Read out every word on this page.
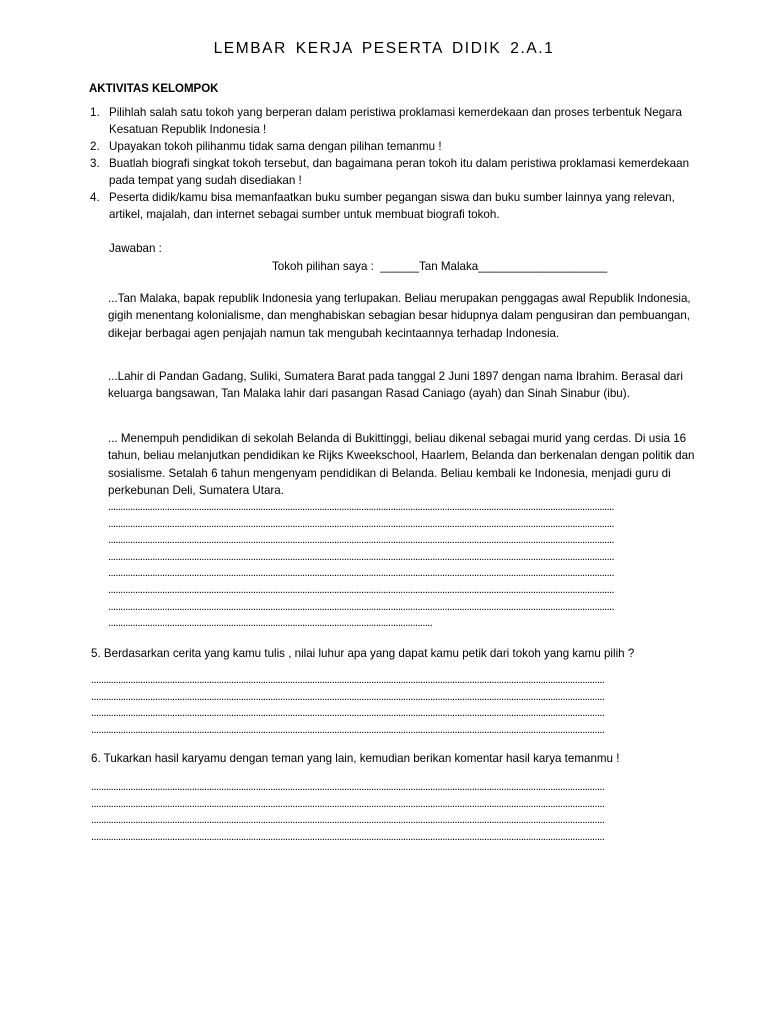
LEMBAR KERJA PESERTA DIDIK 2.A.1
AKTIVITAS KELOMPOK
1. Pilihlah salah satu tokoh yang berperan dalam peristiwa proklamasi kemerdekaan dan proses terbentuk Negara Kesatuan Republik Indonesia !
2. Upayakan tokoh pilihanmu tidak sama dengan pilihan temanmu !
3. Buatlah biografi singkat tokoh tersebut, dan bagaimana peran tokoh itu dalam peristiwa proklamasi kemerdekaan pada tempat yang sudah disediakan !
4. Peserta didik/kamu bisa memanfaatkan buku sumber pegangan siswa dan buku sumber lainnya yang relevan, artikel, majalah, dan internet sebagai sumber untuk membuat biografi tokoh.
Jawaban :
Tokoh pilihan saya :  ______Tan Malaka____________________
...Tan Malaka, bapak republik Indonesia yang terlupakan. Beliau merupakan penggagas awal Republik Indonesia, gigih menentang kolonialisme, dan menghabiskan sebagian besar hidupnya dalam pengusiran dan pembuangan, dikejar berbagai agen penjajah namun tak mengubah kecintaannya terhadap Indonesia.
...Lahir di Pandan Gadang, Suliki, Sumatera Barat pada tanggal 2 Juni 1897 dengan nama Ibrahim. Berasal dari keluarga bangsawan, Tan Malaka lahir dari pasangan Rasad Caniago (ayah) dan Sinah Sinabur (ibu).
... Menempuh pendidikan di sekolah Belanda di Bukittinggi, beliau dikenal sebagai murid yang cerdas. Di usia 16 tahun, beliau melanjutkan pendidikan ke Rijks Kweekschool, Haarlem, Belanda dan berkenalan dengan politik dan sosialisme. Setalah 6 tahun mengenyam pendidikan di Belanda. Beliau kembali ke Indonesia, menjadi guru di perkebunan Deli, Sumatera Utara.
..............................................................................................................................................................................................................
..............................................................................................................................................................................................................
..............................................................................................................................................................................................................
..............................................................................................................................................................................................................
..............................................................................................................................................................................................................
..............................................................................................................................................................................................................
..............................................................................................................................................................................................................
....................................................................................................................................
5. Berdasarkan cerita yang kamu tulis , nilai luhur apa yang dapat kamu petik dari tokoh yang kamu pilih ?
.................................................................................................................................................................................................................
.................................................................................................................................................................................................................
.................................................................................................................................................................................................................
.................................................................................................................................................................................................................
6. Tukarkan hasil karyamu dengan teman yang lain, kemudian berikan komentar hasil karya temanmu !
.................................................................................................................................................................................................................
.................................................................................................................................................................................................................
.................................................................................................................................................................................................................
.................................................................................................................................................................................................................
